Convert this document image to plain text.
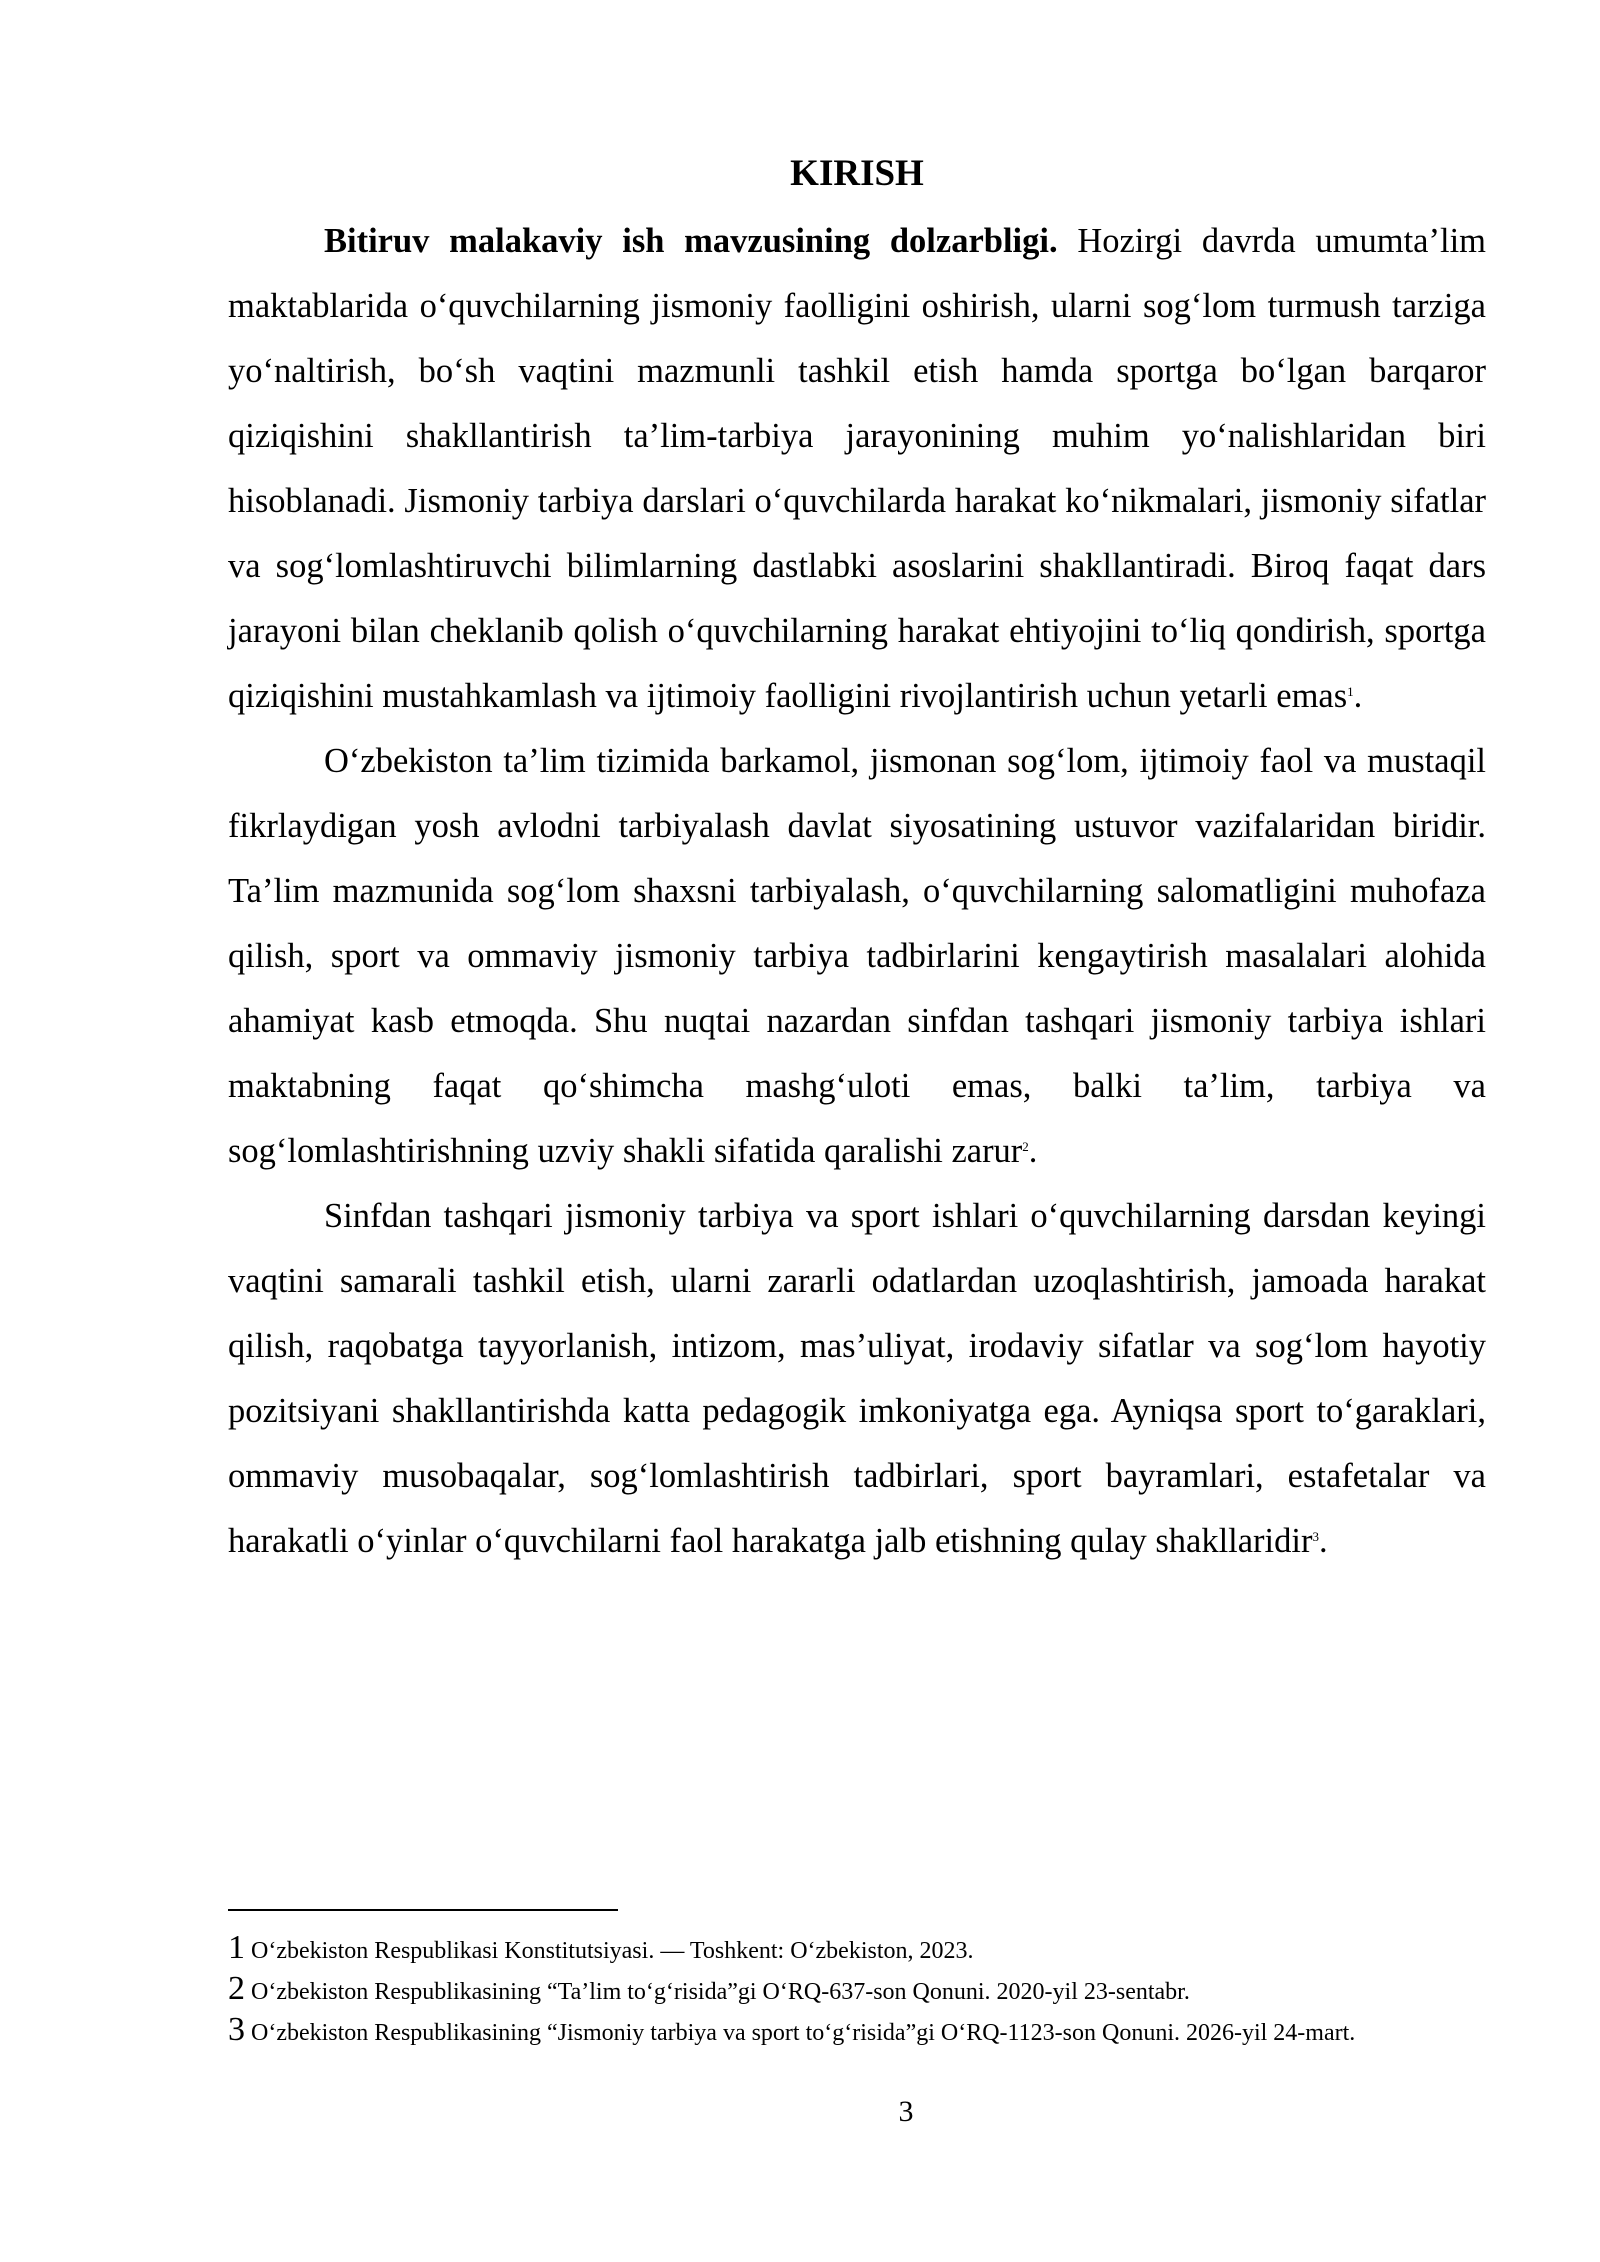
KIRISH

Bitiruv malakaviy ish mavzusining dolzarbligi. Hozirgi davrda umumta’lim maktablarida o‘quvchilarning jismoniy faolligini oshirish, ularni sog‘lom turmush tarziga yo‘naltirish, bo‘sh vaqtini mazmunli tashkil etish hamda sportga bo‘lgan barqaror qiziqishini shakllantirish ta’lim-tarbiya jarayonining muhim yo‘nalishlaridan biri hisoblanadi. Jismoniy tarbiya darslari o‘quvchilarda harakat ko‘nikmalari, jismoniy sifatlar va sog‘lomlashtiruvchi bilimlarning dastlabki asoslarini shakllantiradi. Biroq faqat dars jarayoni bilan cheklanib qolish o‘quvchilarning harakat ehtiyojini to‘liq qondirish, sportga qiziqishini mustahkamlash va ijtimoiy faolligini rivojlantirish uchun yetarli emas$^1$.

O‘zbekiston ta’lim tizimida barkamol, jismonan sog‘lom, ijtimoiy faol va mustaqil fikrlaydigan yosh avlodni tarbiyalash davlat siyosatining ustuvor vazifalaridan biridir. Ta’lim mazmunida sog‘lom shaxsni tarbiyalash, o‘quvchilarning salomatligini muhofaza qilish, sport va ommaviy jismoniy tarbiya tadbirlarini kengaytirish masalalari alohida ahamiyat kasb etmoqda. Shu nuqtai nazardan sinfdan tashqari jismoniy tarbiya ishlari maktabning faqat qo‘shimcha mashg‘uloti emas, balki ta’lim, tarbiya va sog‘lomlashtirishning uzviy shakli sifatida qaralishi zarur$^2$.

Sinfdan tashqari jismoniy tarbiya va sport ishlari o‘quvchilarning darsdan keyingi vaqtini samarali tashkil etish, ularni zararli odatlardan uzoqlashtirish, jamoada harakat qilish, raqobatga tayyorlanish, intizom, mas’uliyat, irodaviy sifatlar va sog‘lom hayotiy pozitsiyani shakllantirishda katta pedagogik imkoniyatga ega. Ayniqsa sport to‘garaklari, ommaviy musobaqalar, sog‘lomlashtirish tadbirlari, sport bayramlari, estafetalar va harakatli o‘yinlar o‘quvchilarni faol harakatga jalb etishning qulay shakllaridir$^3$.

1 O‘zbekiston Respublikasi Konstitutsiyasi. — Toshkent: O‘zbekiston, 2023.

2 O‘zbekiston Respublikasining “Ta’lim to‘g‘risida”gi O‘RQ-637-son Qonuni. 2020-yil 23-sentabr.

3 O‘zbekiston Respublikasining “Jismoniy tarbiya va sport to‘g‘risida”gi O‘RQ-1123-son Qonuni. 2026-yil 24-mart.

3
